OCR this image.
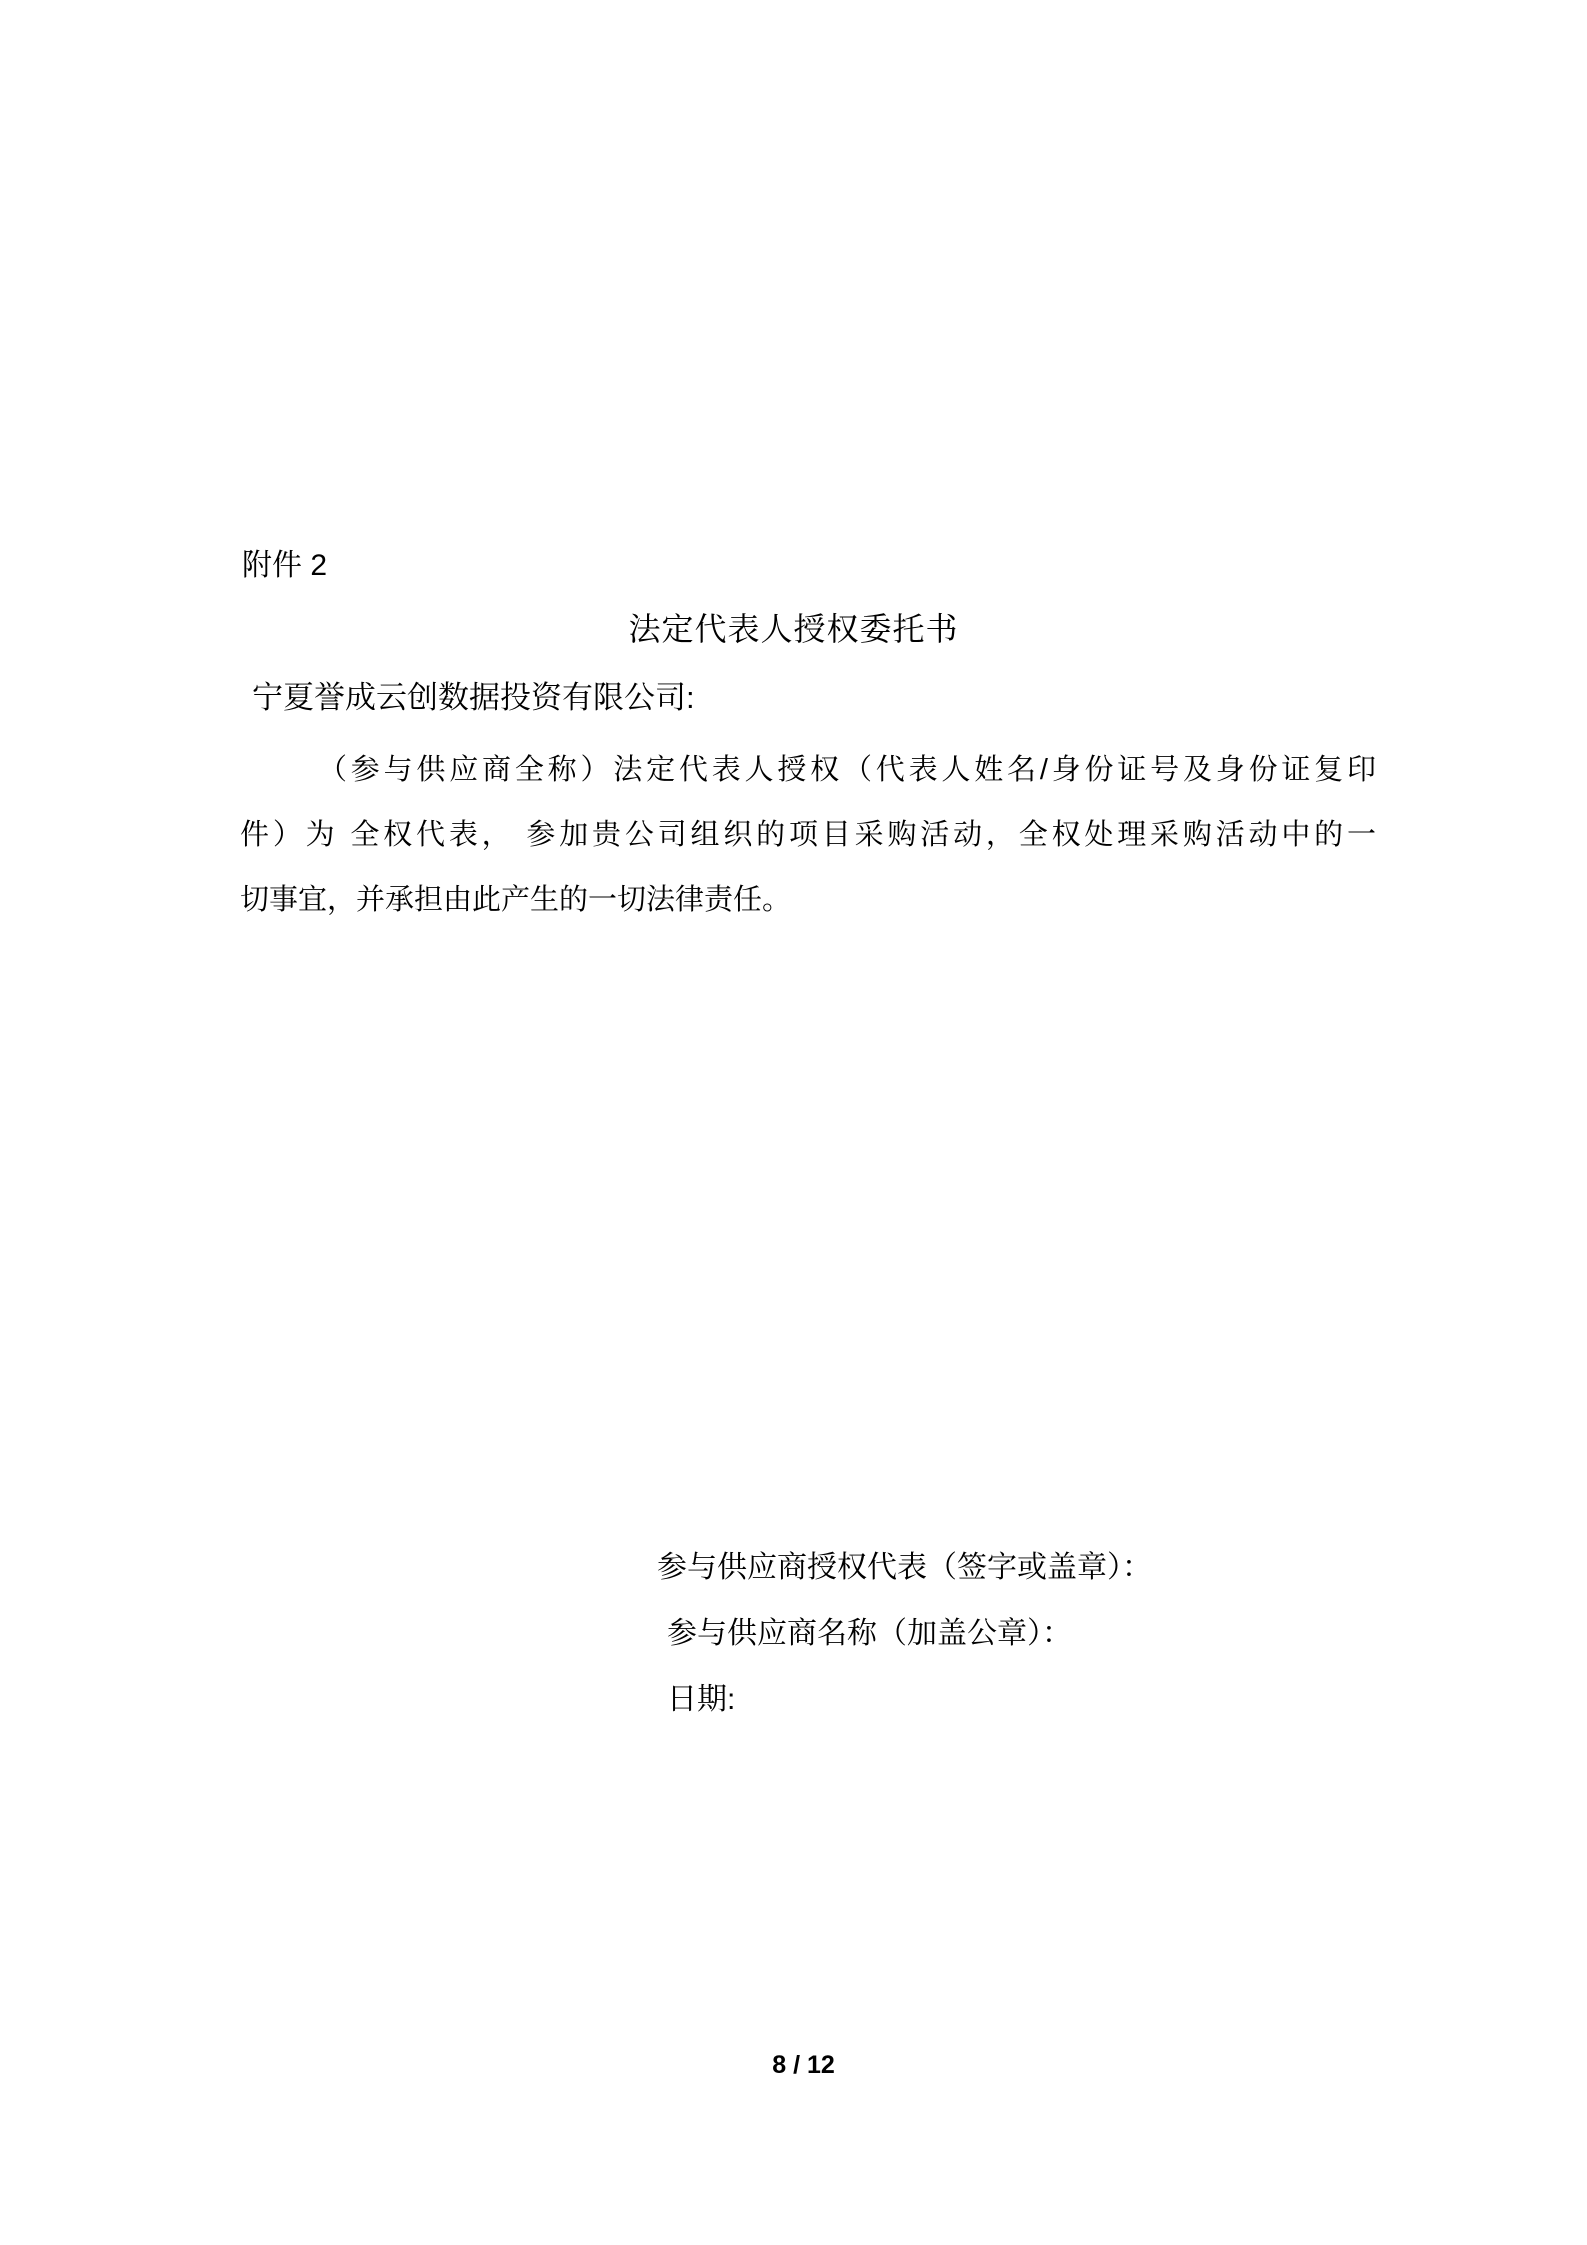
附件 2
法定代表人授权委托书
宁夏誉成云创数据投资有限公司:
（参与供应商全称）法定代表人授权（代表人姓名/身份证号及身份证复印
件）为 全权代表， 参加贵公司组织的项目采购活动，全权处理采购活动中的一
切事宜，并承担由此产生的一切法律责任。
参与供应商授权代表（签字或盖章）：
参与供应商名称（加盖公章）：
日期:
8 / 12
